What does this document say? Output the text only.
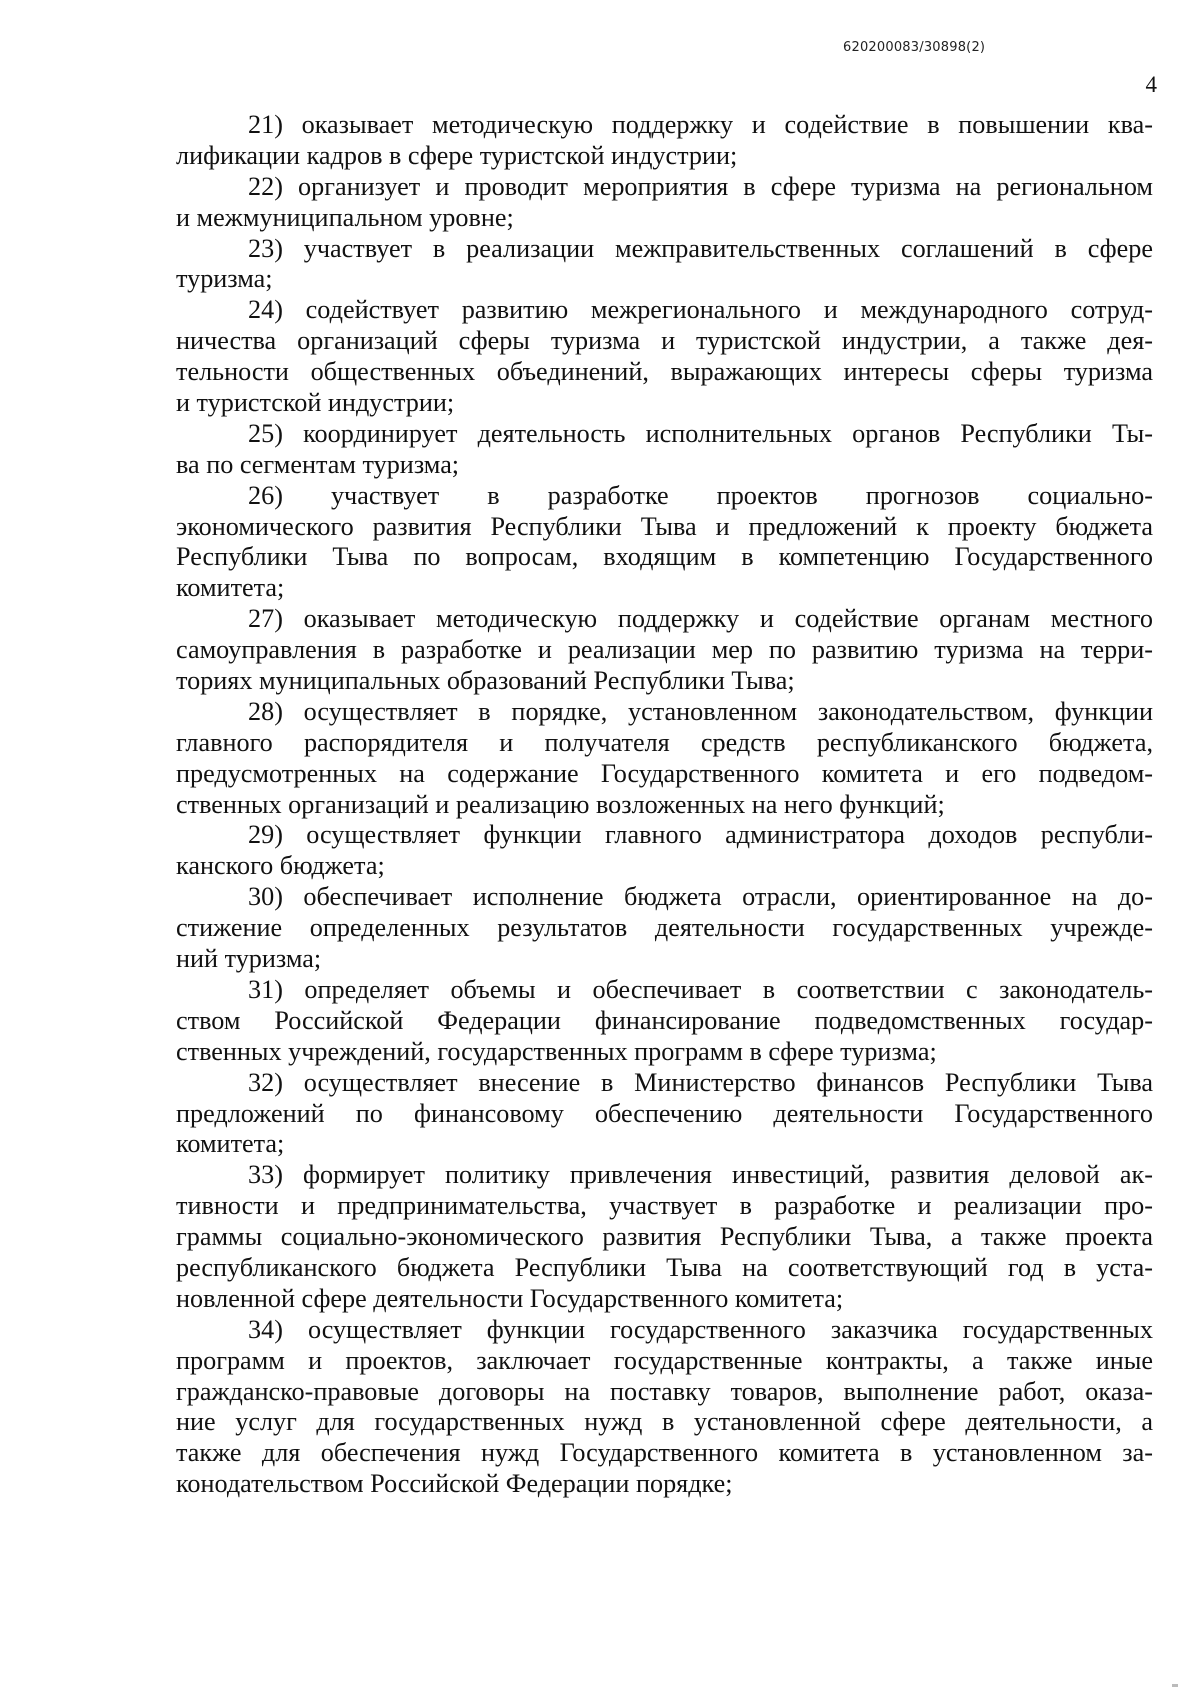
620200083/30898(2)
4
21) оказывает методическую поддержку и содействие в повышении ква-
лификации кадров в сфере туристской индустрии;
22) организует и проводит мероприятия в сфере туризма на региональном
и межмуниципальном уровне;
23) участвует в реализации межправительственных соглашений в сфере
туризма;
24) содействует развитию межрегионального и международного сотруд-
ничества организаций сферы туризма и туристской индустрии, а также дея-
тельности общественных объединений, выражающих интересы сферы туризма
и туристской индустрии;
25) координирует деятельность исполнительных органов Республики Ты-
ва по сегментам туризма;
26) участвует в разработке проектов прогнозов социально-
экономического развития Республики Тыва и предложений к проекту бюджета
Республики Тыва по вопросам, входящим в компетенцию Государственного
комитета;
27) оказывает методическую поддержку и содействие органам местного
самоуправления в разработке и реализации мер по развитию туризма на терри-
ториях муниципальных образований Республики Тыва;
28) осуществляет в порядке, установленном законодательством, функции
главного распорядителя и получателя средств республиканского бюджета,
предусмотренных на содержание Государственного комитета и его подведом-
ственных организаций и реализацию возложенных на него функций;
29) осуществляет функции главного администратора доходов республи-
канского бюджета;
30) обеспечивает исполнение бюджета отрасли, ориентированное на до-
стижение определенных результатов деятельности государственных учрежде-
ний туризма;
31) определяет объемы и обеспечивает в соответствии с законодатель-
ством Российской Федерации финансирование подведомственных государ-
ственных учреждений, государственных программ в сфере туризма;
32) осуществляет внесение в Министерство финансов Республики Тыва
предложений по финансовому обеспечению деятельности Государственного
комитета;
33) формирует политику привлечения инвестиций, развития деловой ак-
тивности и предпринимательства, участвует в разработке и реализации про-
граммы социально-экономического развития Республики Тыва, а также проекта
республиканского бюджета Республики Тыва на соответствующий год в уста-
новленной сфере деятельности Государственного комитета;
34) осуществляет функции государственного заказчика государственных
программ и проектов, заключает государственные контракты, а также иные
гражданско-правовые договоры на поставку товаров, выполнение работ, оказа-
ние услуг для государственных нужд в установленной сфере деятельности, а
также для обеспечения нужд Государственного комитета в установленном за-
конодательством Российской Федерации порядке;
